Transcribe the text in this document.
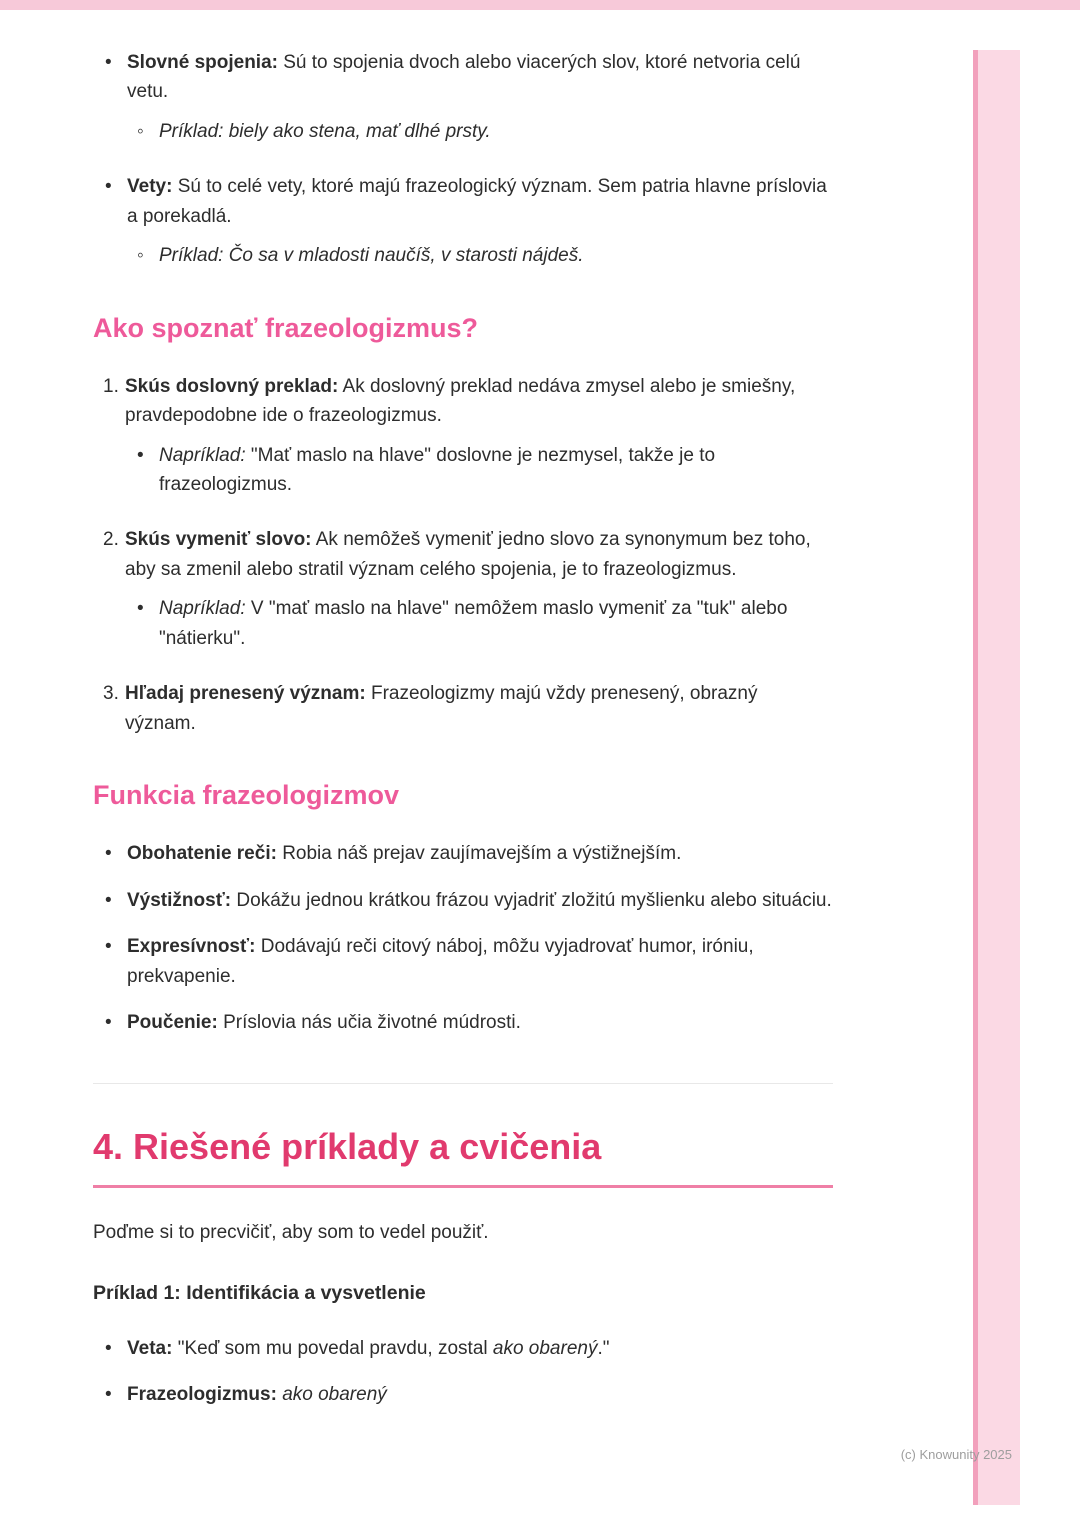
• Slovné spojenia: Sú to spojenia dvoch alebo viacerých slov, ktoré netvoria celú vetu.
◦ Príklad: biely ako stena, mať dlhé prsty.
• Vety: Sú to celé vety, ktoré majú frazeologický význam. Sem patria hlavne príslovia a porekadlá.
◦ Príklad: Čo sa v mladosti naučíš, v starosti nájdeš.
Ako spoznať frazeologizmus?
1. Skús doslovný preklad: Ak doslovný preklad nedáva zmysel alebo je smiešny, pravdepodobne ide o frazeologizmus.
• Napríklad: "Mať maslo na hlave" doslovne je nezmysel, takže je to frazeologizmus.
2. Skús vymeniť slovo: Ak nemôžeš vymeniť jedno slovo za synonymum bez toho, aby sa zmenil alebo stratil význam celého spojenia, je to frazeologizmus.
• Napríklad: V "mať maslo na hlave" nemôžem maslo vymeniť za "tuk" alebo "nátierku".
3. Hľadaj prenesený význam: Frazeologizmy majú vždy prenesený, obrazný význam.
Funkcia frazeologizmov
• Obohatenie reči: Robia náš prejav zaujímavejším a výstižnejším.
• Výstižnosť: Dokážu jednou krátkou frázou vyjadriť zložitú myšlienku alebo situáciu.
• Expresívnosť: Dodávajú reči citový náboj, môžu vyjadrovať humor, iróniu, prekvapenie.
• Poučenie: Príslovia nás učia životné múdrosti.
4. Riešené príklady a cvičenia

Poďme si to precvičiť, aby som to vedel použiť.

Príklad 1: Identifikácia a vysvetlenie
• Veta: "Keď som mu povedal pravdu, zostal ako obarený."
• Frazeologizmus: ako obarený
(c) Knowunity 2025
